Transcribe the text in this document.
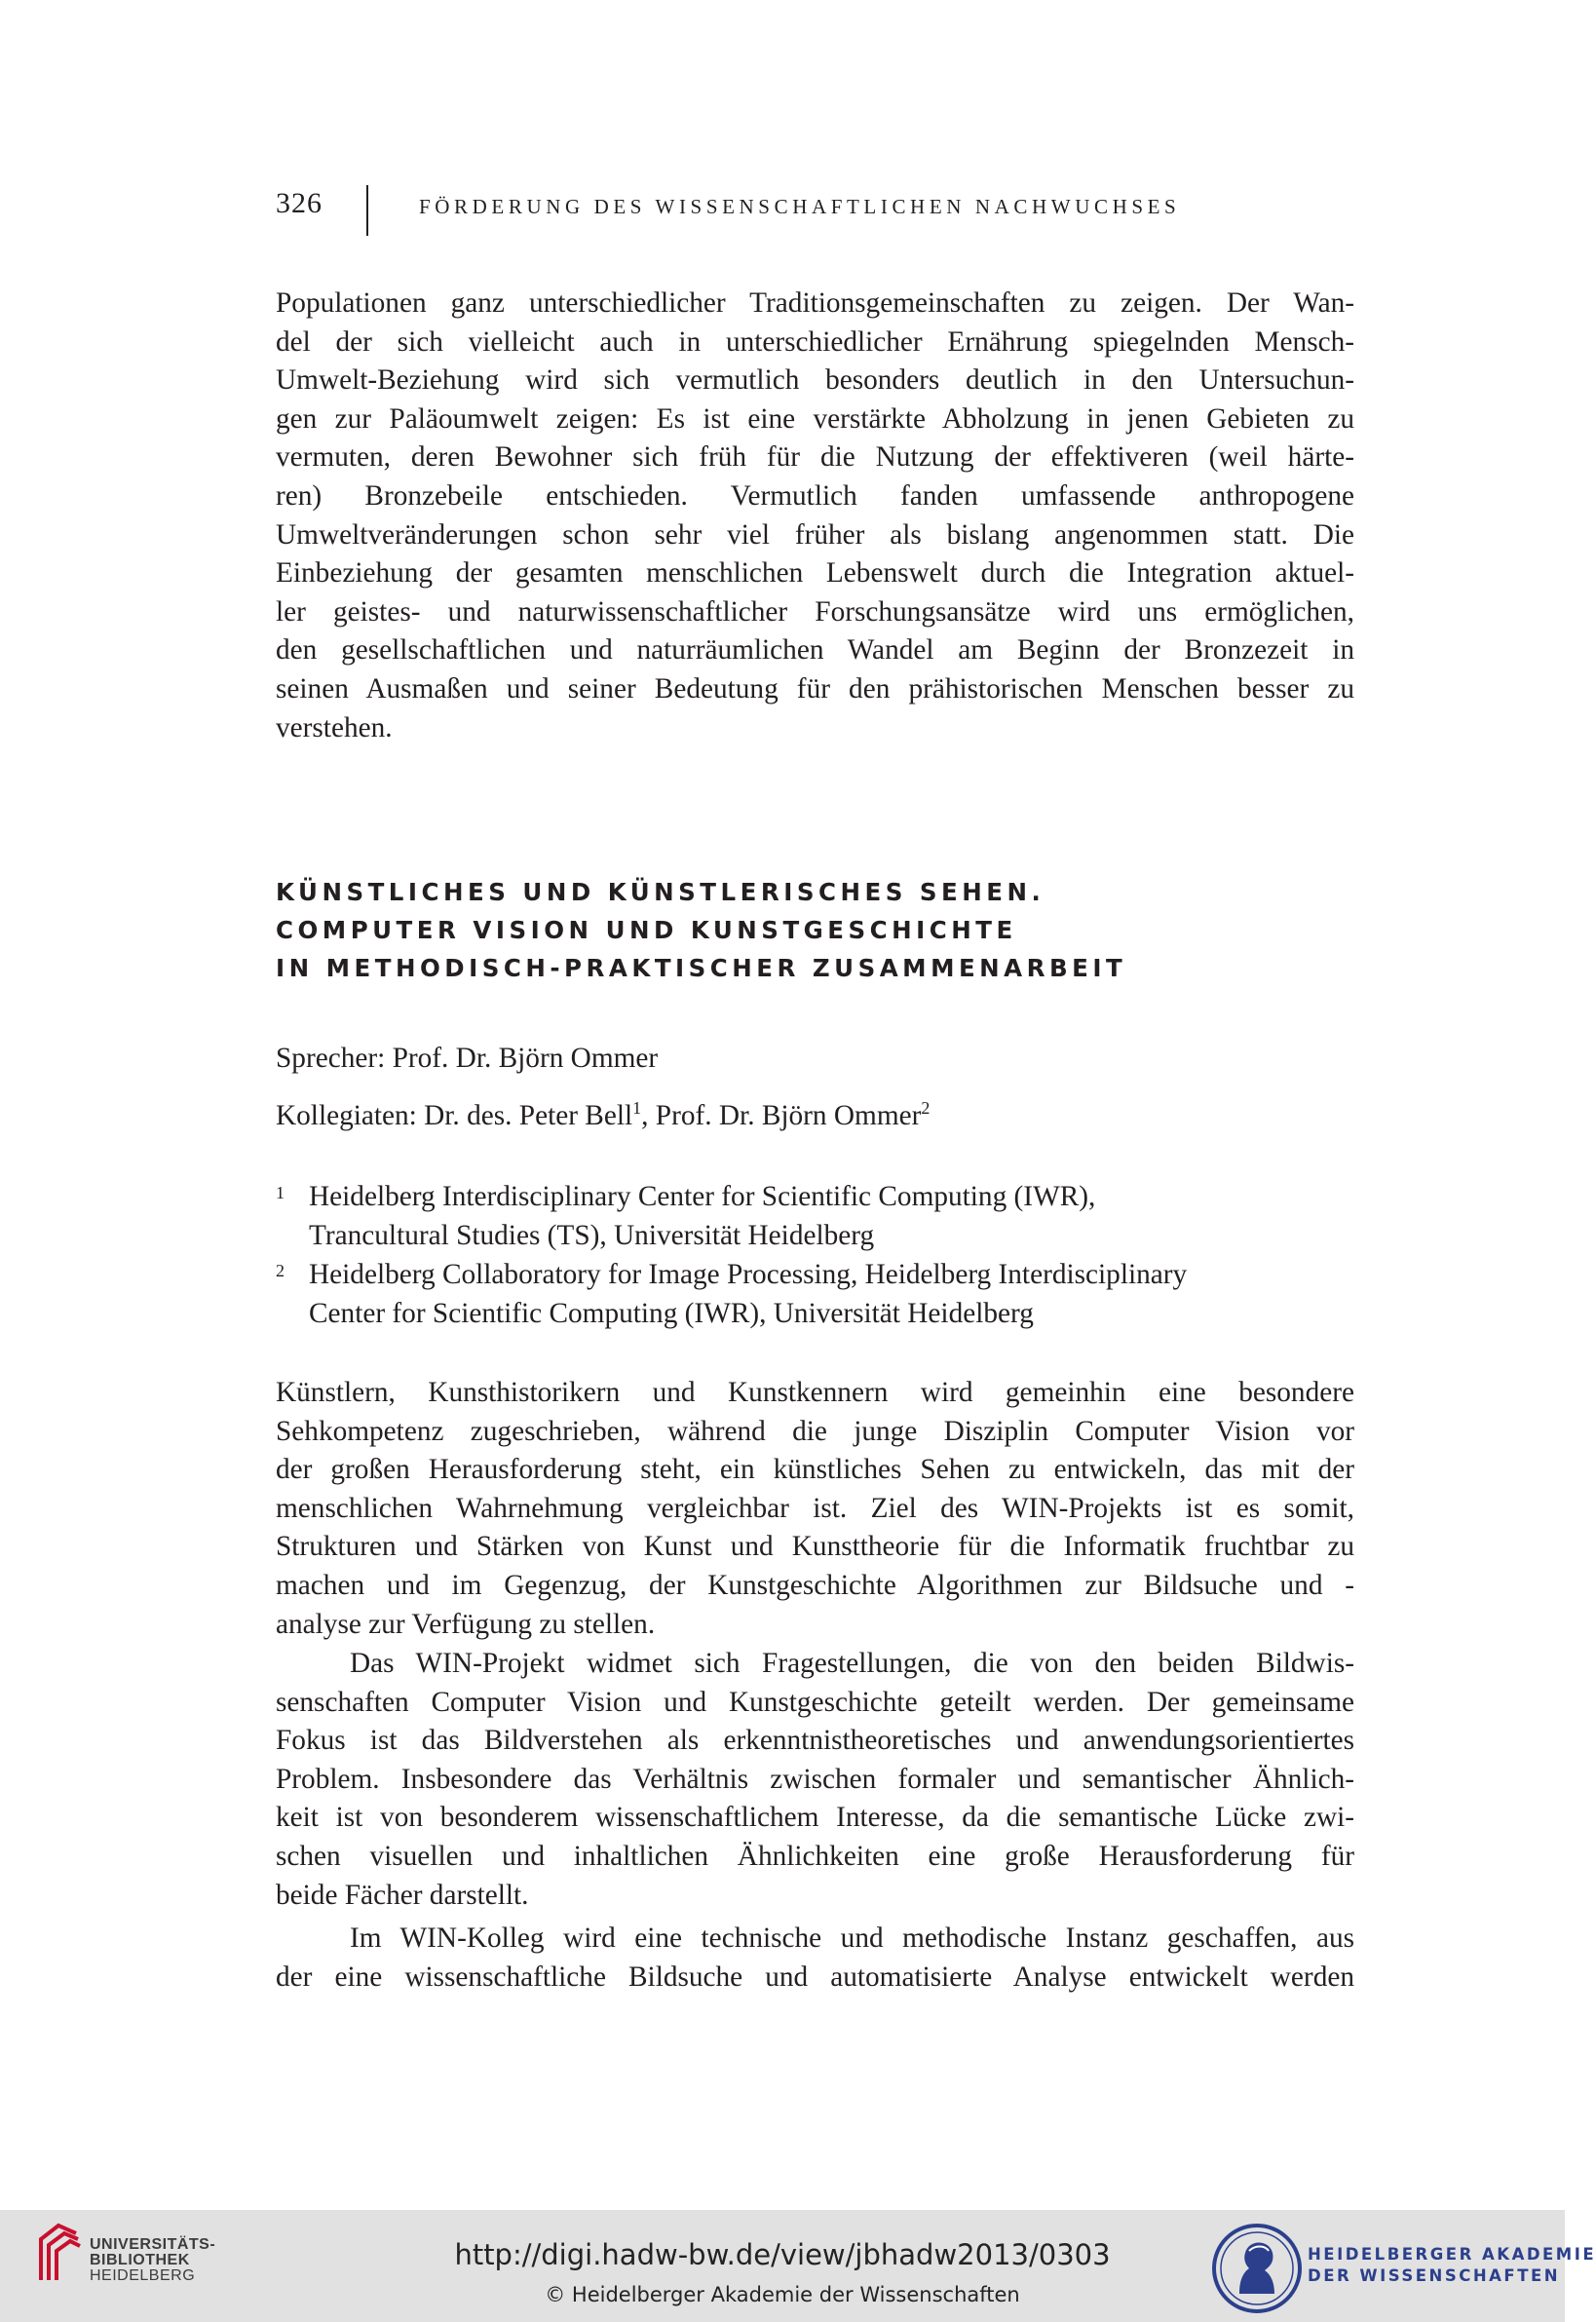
326	FÖRDERUNG DES WISSENSCHAFTLICHEN NACHWUCHSES
Populationen ganz unterschiedlicher Traditionsgemeinschaften zu zeigen. Der Wan-
del der sich vielleicht auch in unterschiedlicher Ernährung spiegelnden Mensch-
Umwelt-Beziehung wird sich vermutlich besonders deutlich in den Untersuchun-
gen zur Paläoumwelt zeigen: Es ist eine verstärkte Abholzung in jenen Gebieten zu
vermuten, deren Bewohner sich früh für die Nutzung der effektiveren (weil härte-
ren) Bronzebeile entschieden. Vermutlich fanden umfassende anthropogene
Umweltveränderungen schon sehr viel früher als bislang angenommen statt. Die
Einbeziehung der gesamten menschlichen Lebenswelt durch die Integration aktuel-
ler geistes- und naturwissenschaftlicher Forschungsansätze wird uns ermöglichen,
den gesellschaftlichen und naturräumlichen Wandel am Beginn der Bronzezeit in
seinen Ausmaßen und seiner Bedeutung für den prähistorischen Menschen besser zu
verstehen.
KÜNSTLICHES UND KÜNSTLERISCHES SEHEN.
COMPUTER VISION UND KUNSTGESCHICHTE
IN METHODISCH-PRAKTISCHER ZUSAMMENARBEIT
Sprecher: Prof. Dr. Björn Ommer
Kollegiaten: Dr. des. Peter Bell$^1$, Prof. Dr. Björn Ommer$^2$
1 Heidelberg Interdisciplinary Center for Scientific Computing (IWR),
Trancultural Studies (TS), Universität Heidelberg
2 Heidelberg Collaboratory for Image Processing, Heidelberg Interdisciplinary
Center for Scientific Computing (IWR), Universität Heidelberg
Künstlern, Kunsthistorikern und Kunstkennern wird gemeinhin eine besondere
Sehkompetenz zugeschrieben, während die junge Disziplin Computer Vision vor
der großen Herausforderung steht, ein künstliches Sehen zu entwickeln, das mit der
menschlichen Wahrnehmung vergleichbar ist. Ziel des WIN-Projekts ist es somit,
Strukturen und Stärken von Kunst und Kunsttheorie für die Informatik fruchtbar zu
machen und im Gegenzug, der Kunstgeschichte Algorithmen zur Bildsuche und -
analyse zur Verfügung zu stellen.
Das WIN-Projekt widmet sich Fragestellungen, die von den beiden Bildwis-
senschaften Computer Vision und Kunstgeschichte geteilt werden. Der gemeinsame
Fokus ist das Bildverstehen als erkenntnistheoretisches und anwendungsorientiertes
Problem. Insbesondere das Verhältnis zwischen formaler und semantischer Ähnlich-
keit ist von besonderem wissenschaftlichem Interesse, da die semantische Lücke zwi-
schen visuellen und inhaltlichen Ähnlichkeiten eine große Herausforderung für
beide Fächer darstellt.
Im WIN-Kolleg wird eine technische und methodische Instanz geschaffen, aus
der eine wissenschaftliche Bildsuche und automatisierte Analyse entwickelt werden
UNIVERSITÄTS-
BIBLIOTHEK
HEIDELBERG
http://digi.hadw-bw.de/view/jbhadw2013/0303
© Heidelberger Akademie der Wissenschaften
HEIDELBERGER AKADEMIE
DER WISSENSCHAFTEN
